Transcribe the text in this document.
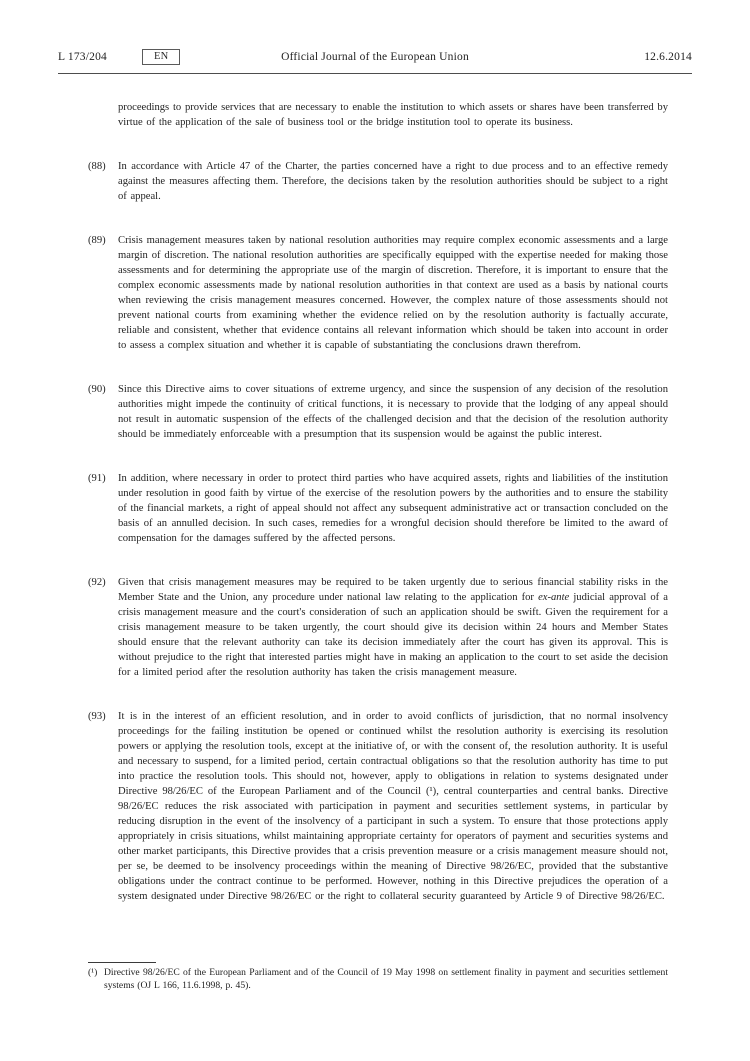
L 173/204	EN	Official Journal of the European Union	12.6.2014
proceedings to provide services that are necessary to enable the institution to which assets or shares have been transferred by virtue of the application of the sale of business tool or the bridge institution tool to operate its business.
(88)	In accordance with Article 47 of the Charter, the parties concerned have a right to due process and to an effective remedy against the measures affecting them. Therefore, the decisions taken by the resolution authorities should be subject to a right of appeal.
(89)	Crisis management measures taken by national resolution authorities may require complex economic assessments and a large margin of discretion. The national resolution authorities are specifically equipped with the expertise needed for making those assessments and for determining the appropriate use of the margin of discretion. Therefore, it is important to ensure that the complex economic assessments made by national resolution authorities in that context are used as a basis by national courts when reviewing the crisis management measures concerned. However, the complex nature of those assessments should not prevent national courts from examining whether the evidence relied on by the resolution authority is factually accurate, reliable and consistent, whether that evidence contains all relevant information which should be taken into account in order to assess a complex situation and whether it is capable of substantiating the conclusions drawn therefrom.
(90)	Since this Directive aims to cover situations of extreme urgency, and since the suspension of any decision of the resolution authorities might impede the continuity of critical functions, it is necessary to provide that the lodging of any appeal should not result in automatic suspension of the effects of the challenged decision and that the decision of the resolution authority should be immediately enforceable with a presumption that its suspension would be against the public interest.
(91)	In addition, where necessary in order to protect third parties who have acquired assets, rights and liabilities of the institution under resolution in good faith by virtue of the exercise of the resolution powers by the authorities and to ensure the stability of the financial markets, a right of appeal should not affect any subsequent administrative act or transaction concluded on the basis of an annulled decision. In such cases, remedies for a wrongful decision should therefore be limited to the award of compensation for the damages suffered by the affected persons.
(92)	Given that crisis management measures may be required to be taken urgently due to serious financial stability risks in the Member State and the Union, any procedure under national law relating to the application for ex-ante judicial approval of a crisis management measure and the court's consideration of such an application should be swift. Given the requirement for a crisis management measure to be taken urgently, the court should give its decision within 24 hours and Member States should ensure that the relevant authority can take its decision immediately after the court has given its approval. This is without prejudice to the right that interested parties might have in making an application to the court to set aside the decision for a limited period after the resolution authority has taken the crisis management measure.
(93)	It is in the interest of an efficient resolution, and in order to avoid conflicts of jurisdiction, that no normal insolvency proceedings for the failing institution be opened or continued whilst the resolution authority is exercising its resolution powers or applying the resolution tools, except at the initiative of, or with the consent of, the resolution authority. It is useful and necessary to suspend, for a limited period, certain contractual obligations so that the resolution authority has time to put into practice the resolution tools. This should not, however, apply to obligations in relation to systems designated under Directive 98/26/EC of the European Parliament and of the Council (¹), central counterparties and central banks. Directive 98/26/EC reduces the risk associated with participation in payment and securities settlement systems, in particular by reducing disruption in the event of the insolvency of a participant in such a system. To ensure that those protections apply appropriately in crisis situations, whilst maintaining appropriate certainty for operators of payment and securities systems and other market participants, this Directive provides that a crisis prevention measure or a crisis management measure should not, per se, be deemed to be insolvency proceedings within the meaning of Directive 98/26/EC, provided that the substantive obligations under the contract continue to be performed. However, nothing in this Directive prejudices the operation of a system designated under Directive 98/26/EC or the right to collateral security guaranteed by Article 9 of Directive 98/26/EC.
(¹) Directive 98/26/EC of the European Parliament and of the Council of 19 May 1998 on settlement finality in payment and securities settlement systems (OJ L 166, 11.6.1998, p. 45).
